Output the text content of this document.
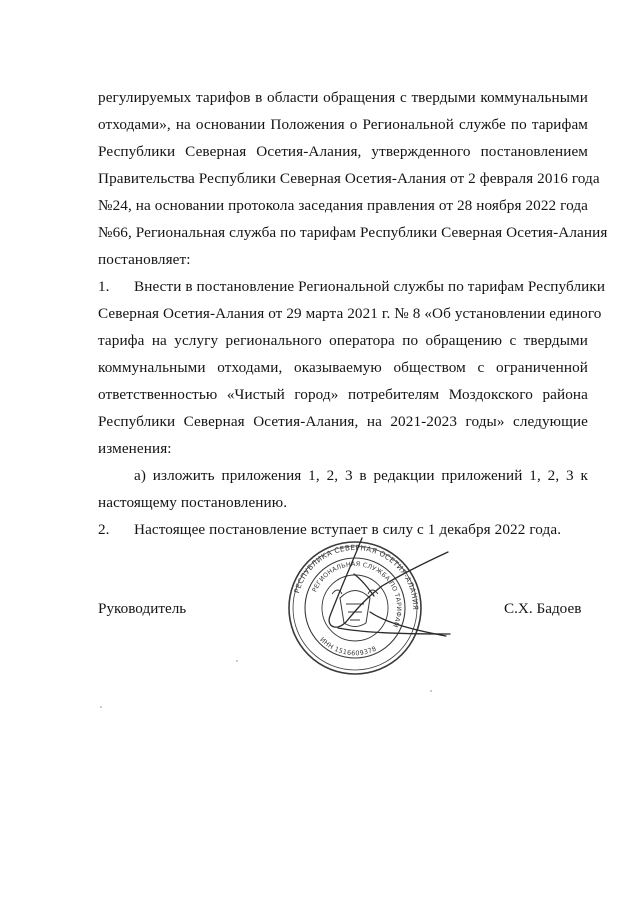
регулируемых тарифов в области обращения с твердыми коммунальными
отходами», на основании Положения о Региональной службе по тарифам
Республики Северная Осетия-Алания, утвержденного постановлением
Правительства Республики Северная Осетия-Алания от 2 февраля 2016 года
№24, на основании протокола заседания правления от 28 ноября 2022 года
№66, Региональная служба по тарифам Республики Северная Осетия-Алания
постановляет:
1. Внести в постановление Региональной службы по тарифам Республики
Северная Осетия-Алания от 29 марта 2021 г. № 8 «Об установлении единого
тарифа на услугу регионального оператора по обращению с твердыми
коммунальными отходами, оказываемую обществом с ограниченной
ответственностью «Чистый город» потребителям Моздокского района
Республики Северная Осетия-Алания, на 2021-2023 годы» следующие
изменения:
а) изложить приложения 1, 2, 3 в редакции приложений 1, 2, 3 к
настоящему постановлению.
2. Настоящее постановление вступает в силу с 1 декабря 2022 года.
Руководитель	С.Х. Бадоев
РЕСПУБЛИКА СЕВЕРНАЯ ОСЕТИЯ-АЛАНИЯ
РЕГИОНАЛЬНАЯ СЛУЖБА ПО ТАРИФАМ
ИНН 1516609378
